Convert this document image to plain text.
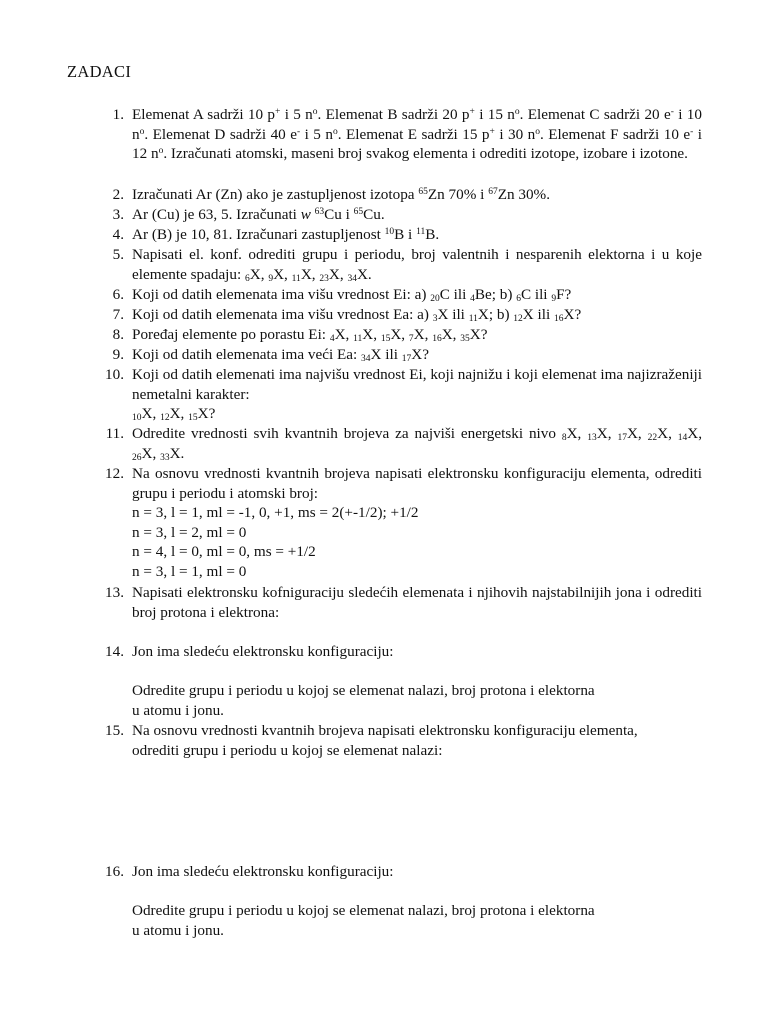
ZADACI
1. Elemenat A sadrži 10 p+ i 5 $n^o$. Elemenat B sadrži 20 p+ i 15 $n^o$. Elemenat C sadrži 20 e- i 10 $n^o$. Elemenat D sadrži 40 e- i 5 $n^o$. Elemenat E sadrži 15 p+ i 30 $n^o$. Elemenat F sadrži 10 e- i 12 $n^o$. Izračunati atomski, maseni broj svakog elementa i odrediti izotope, izobare i izotone.
2. Izračunati Ar (Zn) ako je zastupljenost izotopa $^{65}$Zn 70% i $^{67}$Zn 30%.
3. Ar (Cu) je 63, 5. Izračunati w $^{63}$Cu i $^{65}$Cu.
4. Ar (B) je 10, 81. Izračunari zastupljenost $^{10}$B i $^{11}$B.
5. Napisati el. konf. odrediti grupu i periodu, broj valentnih i nesparenih elektorna i u koje elemente spadaju: $_6$X, $_9$X, $_{11}$X, $_{23}$X, $_{34}$X.
6. Koji od datih elemenata ima višu vrednost Ei: a) $_{20}$C ili $_4$Be; b) $_6$C ili $_9$F?
7. Koji od datih elemenata ima višu vrednost Ea: a) $_3$X ili $_{11}$X; b) $_{12}$X ili $_{16}$X?
8. Poređaj elemente po porastu Ei: $_4$X, $_{11}$X, $_{15}$X, $_7$X, $_{16}$X, $_{35}$X?
9. Koji od datih elemenata ima veći Ea: $_{34}$X ili $_{17}$X?
10. Koji od datih elemenati ima najvišu vrednost Ei, koji najnižu i koji elemenat ima najizraženiji nemetalni karakter:
$_{10}$X, $_{12}$X, $_{15}$X?
11. Odredite vrednosti svih kvantnih brojeva za najviši energetski nivo $_8$X, $_{13}$X, $_{17}$X, $_{22}$X, $_{14}$X, $_{26}$X, $_{33}$X.
12. Na osnovu vrednosti kvantnih brojeva napisati elektronsku konfiguraciju elementa, odrediti grupu i periodu i atomski broj:
n = 3, l = 1, ml = -1, 0, +1, ms = 2(+-1/2); +1/2
n = 3, l = 2, ml = 0
n = 4, l = 0, ml = 0, ms = +1/2
n = 3, l = 1, ml = 0
13. Napisati elektronsku kofniguraciju sledećih elemenata i njihovih najstabilnijih jona i odrediti broj protona i elektrona:
14. Jon ima sledeću elektronsku konfiguraciju:

Odredite grupu i periodu u kojoj se elemenat nalazi, broj protona i elektorna
u atomu i jonu.
15. Na osnovu vrednosti kvantnih brojeva napisati elektronsku konfiguraciju elementa,
odrediti grupu i periodu u kojoj se elemenat nalazi:
16. Jon ima sledeću elektronsku konfiguraciju:

Odredite grupu i periodu u kojoj se elemenat nalazi, broj protona i elektorna
u atomu i jonu.
